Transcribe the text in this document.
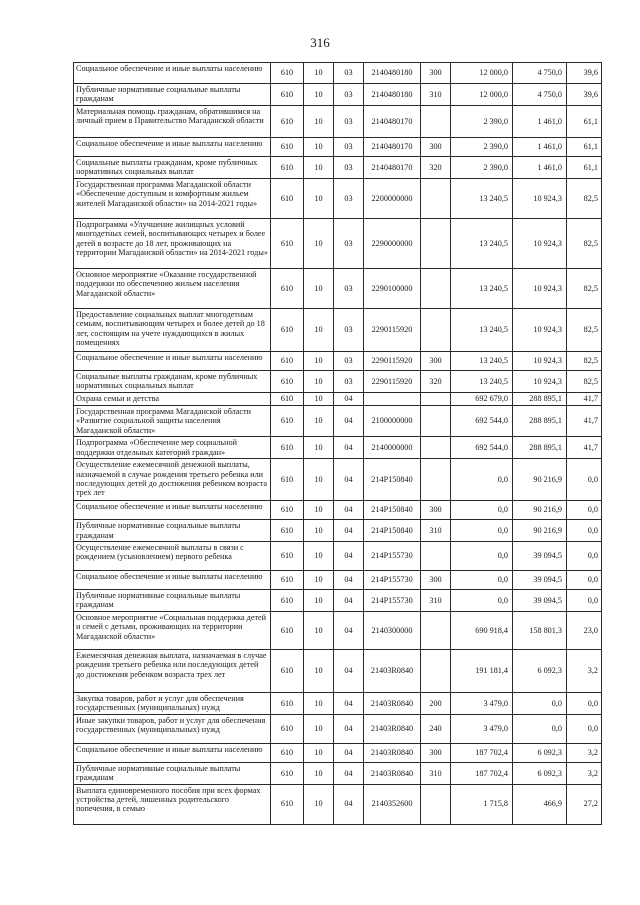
316
Социальное обеспечение и иные выплаты населению	610	10	03	2140480180	300	12 000,0	4 750,0	39,6
Публичные нормативные социальные выплаты гражданам	610	10	03	2140480180	310	12 000,0	4 750,0	39,6
Материальная помощь гражданам, обратившимся на личный прием в Правительство Магаданской области	610	10	03	2140480170		2 390,0	1 461,0	61,1
Социальное обеспечение и иные выплаты населению	610	10	03	2140480170	300	2 390,0	1 461,0	61,1
Социальные выплаты гражданам, кроме публичных нормативных социальных выплат	610	10	03	2140480170	320	2 390,0	1 461,0	61,1
Государственная программа Магаданской области «Обеспечение доступным и комфортным жильем жителей Магаданской области» на 2014-2021 годы»	610	10	03	2200000000		13 240,5	10 924,3	82,5
Подпрограмма «Улучшение жилищных условий многодетных семей, воспитывающих четырех и более детей в возрасте до 18 лет, проживающих на территории Магаданской области» на 2014-2021 годы»	610	10	03	2290000000		13 240,5	10 924,3	82,5
Основное мероприятие «Оказание государственной поддержки по обеспечению жильем населения Магаданской области»	610	10	03	2290100000		13 240,5	10 924,3	82,5
Предоставление социальных выплат многодетным семьям, воспитывающим четырех и более детей до 18 лет, состоящим на учете нуждающихся в жилых помещениях	610	10	03	2290115920		13 240,5	10 924,3	82,5
Социальное обеспечение и иные выплаты населению	610	10	03	2290115920	300	13 240,5	10 924,3	82,5
Социальные выплаты гражданам, кроме публичных нормативных социальных выплат	610	10	03	2290115920	320	13 240,5	10 924,3	82,5
Охрана семьи и детства	610	10	04			692 679,0	288 895,1	41,7
Государственная программа Магаданской области «Развитие социальной защиты населения Магаданской области»	610	10	04	2100000000		692 544,0	288 895,1	41,7
Подпрограмма «Обеспечение мер социальной поддержки отдельных категорий граждан»	610	10	04	2140000000		692 544,0	288 895,1	41,7
Осуществление ежемесячной денежной выплаты, назначаемой в случае рождения третьего ребенка или последующих детей до достижения ребенком возраста трех лет	610	10	04	214P150840		0,0	90 216,9	0,0
Социальное обеспечение и иные выплаты населению	610	10	04	214P150840	300	0,0	90 216,9	0,0
Публичные нормативные социальные выплаты гражданам	610	10	04	214P150840	310	0,0	90 216,9	0,0
Осуществление ежемесячной выплаты в связи с рождением (усыновлением) первого ребенка	610	10	04	214P155730		0,0	39 094,5	0,0
Социальное обеспечение и иные выплаты населению	610	10	04	214P155730	300	0,0	39 094,5	0,0
Публичные нормативные социальные выплаты гражданам	610	10	04	214P155730	310	0,0	39 094,5	0,0
Основное мероприятие «Социальная поддержка детей и семей с детьми, проживающих на территории Магаданской области»	610	10	04	2140300000		690 918,4	158 801,3	23,0
Ежемесячная денежная выплата, назначаемая в случае рождения третьего ребенка или последующих детей до достижения ребенком возраста трех лет	610	10	04	21403R0840		191 181,4	6 092,3	3,2
Закупка товаров, работ и услуг для обеспечения государственных (муниципальных) нужд	610	10	04	21403R0840	200	3 479,0	0,0	0,0
Иные закупки товаров, работ и услуг для обеспечения государственных (муниципальных) нужд	610	10	04	21403R0840	240	3 479,0	0,0	0,0
Социальное обеспечение и иные выплаты населению	610	10	04	21403R0840	300	187 702,4	6 092,3	3,2
Публичные нормативные социальные выплаты гражданам	610	10	04	21403R0840	310	187 702,4	6 092,3	3,2
Выплата единовременного пособия при всех формах устройства детей, лишенных родительского попечения, в семью	610	10	04	2140352600		1 715,8	466,9	27,2
